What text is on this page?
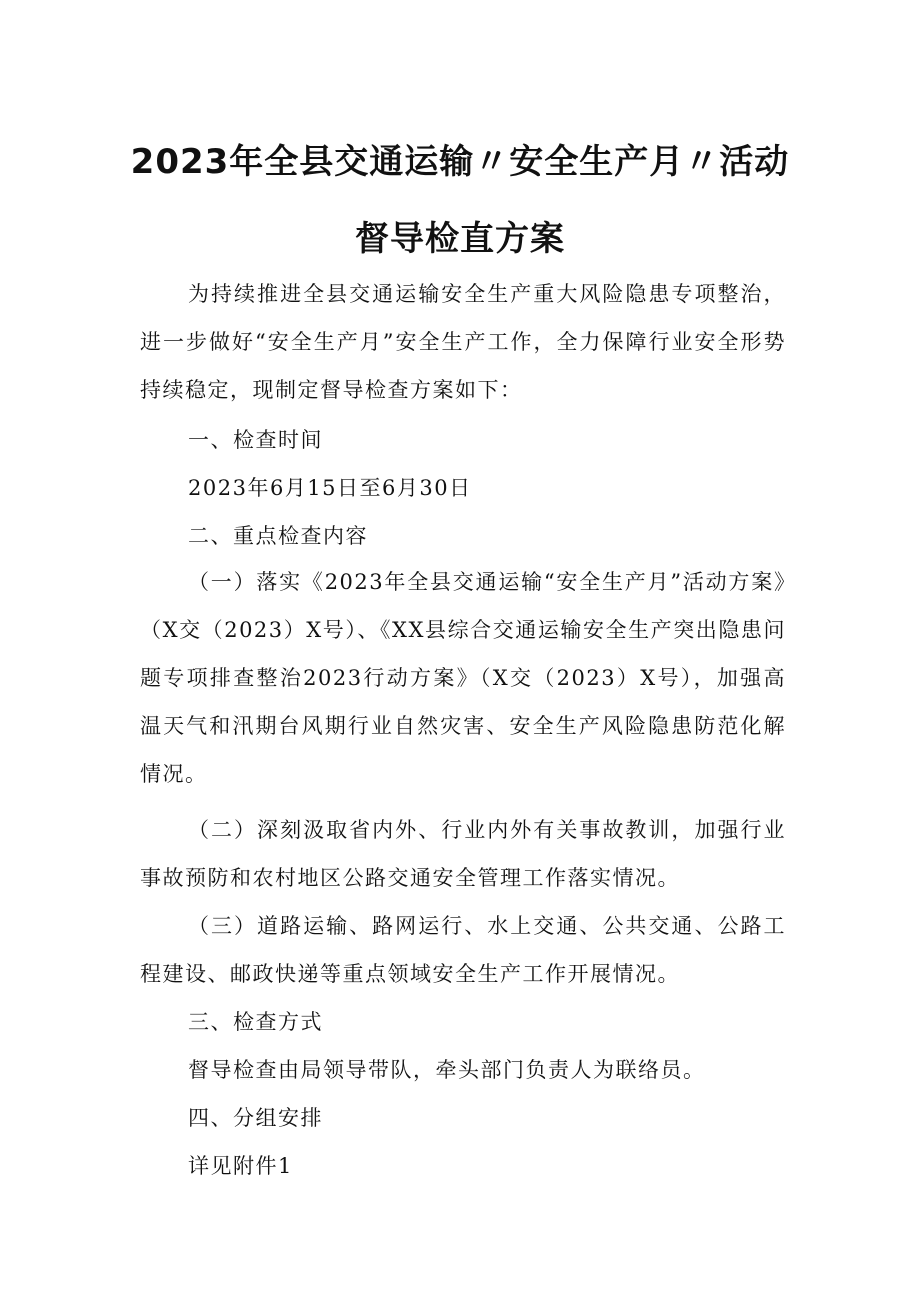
2023年全县交通运输〃安全生产月〃活动
督导检直方案

为持续推进全县交通运输安全生产重大风险隐患专项整治，进一步做好“安全生产月”安全生产工作，全力保障行业安全形势持续稳定，现制定督导检查方案如下：

一、检查时间

2023年6月15日至6月30日

二、重点检查内容

（一）落实《2023年全县交通运输“安全生产月”活动方案》（X交（2023）X号）、《XX县综合交通运输安全生产突出隐患问题专项排查整治2023行动方案》（X交（2023）X号），加强高温天气和汛期台风期行业自然灾害、安全生产风险隐患防范化解情况。

（二）深刻汲取省内外、行业内外有关事故教训，加强行业事故预防和农村地区公路交通安全管理工作落实情况。

（三）道路运输、路网运行、水上交通、公共交通、公路工程建设、邮政快递等重点领域安全生产工作开展情况。

三、检查方式

督导检查由局领导带队，牵头部门负责人为联络员。

四、分组安排

详见附件1
